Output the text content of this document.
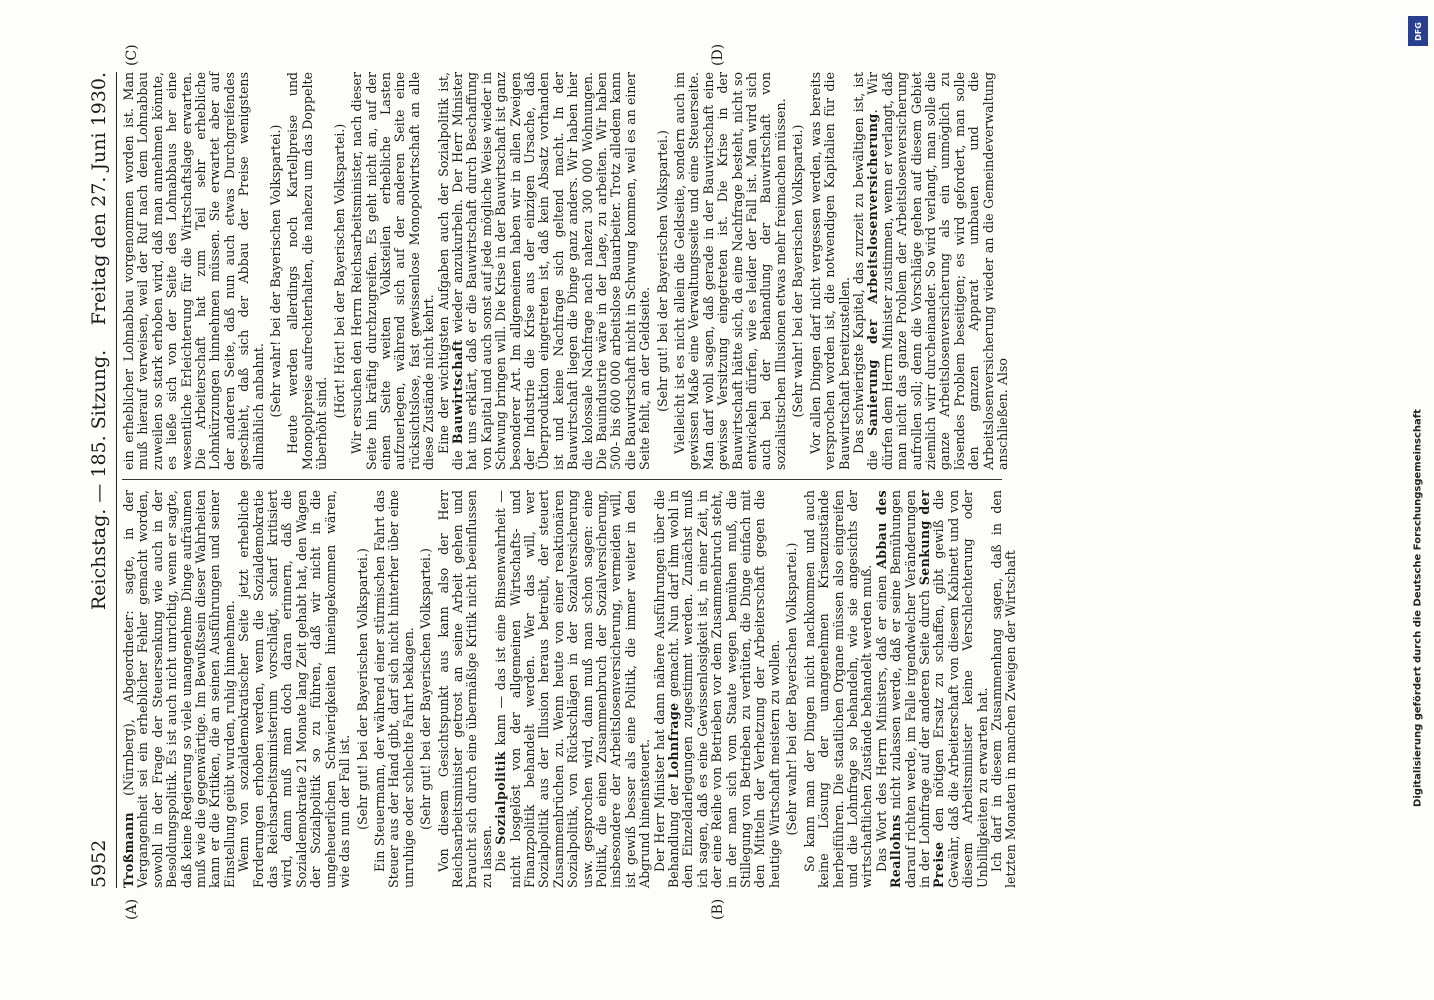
5952
Reichstag. — 185. Sitzung.
Freitag den 27. Juni 1930.
(A)	(B)
(C)	(D)

Troßmann (Nürnberg), Abgeordneter: sagte, in der Vergangenheit sei ein erheblicher Fehler gemacht worden, sowohl in der Frage der Steuersenkung wie auch in der Besoldungspolitik. Es ist auch nicht unrichtig, wenn er sagte, daß keine Regierung so viele unangenehme Dinge aufräumen muß wie die gegenwärtige. Im Bewußtsein dieser Wahrheiten kann er die Kritiken, die an seinen Ausführungen und seiner Einstellung geübt wurden, ruhig hinnehmen. Wenn von sozialdemokratischer Seite jetzt erhebliche Forderungen erhoben werden, wenn die Sozialdemokratie das Reichsarbeitsministerium vorschlägt, scharf kritisiert wird, dann muß man doch daran erinnern, daß die Sozialdemokratie 21 Monate lang Zeit gehabt hat, den Wagen der Sozialpolitik so zu führen, daß wir nicht in die ungeheuerlichen Schwierigkeiten hineingekommen wären, wie das nun der Fall ist. (Sehr gut! bei der Bayerischen Volkspartei.) Ein Steuermann, der während einer stürmischen Fahrt das Steuer aus der Hand gibt, darf sich nicht hinterher über eine unruhige oder schlechte Fahrt beklagen. (Sehr gut! bei der Bayerischen Volkspartei.) Von diesem Gesichtspunkt aus kann also der Herr Reichsarbeitsminister getrost an seine Arbeit gehen und braucht sich durch eine übermäßige Kritik nicht beeinflussen zu lassen. Die Sozialpolitik kann — das ist eine Binsenwahrheit — nicht losgelöst von der allgemeinen Wirtschafts- und Finanzpolitik behandelt werden. Wer das will, wer Sozialpolitik aus der Illusion heraus betreibt, der steuert Zusammenbrüchen zu. Wenn heute von einer reaktionären Sozialpolitik, von Rückschlägen in der Sozialversicherung usw. gesprochen wird, dann muß man schon sagen: eine Politik, die einen Zusammenbruch der Sozialversicherung, insbesondere der Arbeitslosenversicherung, vermeiden will, ist gewiß besser als eine Politik, die immer weiter in den Abgrund hineinsteuert. Der Herr Minister hat dann nähere Ausführungen über die Behandlung der Lohnfrage gemacht. Nun darf ihm wohl in den Einzeldarlegungen zugestimmt werden. Zunächst muß ich sagen, daß es eine Gewissenlosigkeit ist, in einer Zeit, in der eine Reihe von Betrieben vor dem Zusammenbruch steht, in der man sich vom Staate wegen bemühen muß, die Stillegung von Betrieben zu verhüten, die Dinge einfach mit den Mitteln der Verhetzung der Arbeiterschaft gegen die heutige Wirtschaft meistern zu wollen. (Sehr wahr! bei der Bayerischen Volkspartei.) So kann man der Dingen nicht nachkommen und auch keine Lösung der unangenehmen Krisenzustände herbeiführen. Die staatlichen Organe müssen also eingreifen und die Lohnfrage so behandeln, wie sie angesichts der wirtschaftlichen Zustände behandelt werden muß. Das Wort des Herrn Ministers, daß er einen Abbau des Reallohns nicht zulassen werde, daß er seine Bemühungen darauf richten werde, im Falle irgendwelcher Veränderungen in der Lohnfrage auf der anderen Seite durch Senkung der Preise den nötigen Ersatz zu schaffen, gibt gewiß die Gewähr, daß die Arbeiterschaft von diesem Kabinett und von diesem Arbeitsminister keine Verschlechterung oder Unbilligkeiten zu erwarten hat. Ich darf in diesem Zusammenhang sagen, daß in den letzten Monaten in manchen Zweigen der Wirtschaft

ein erheblicher Lohnabbau vorgenommen worden ist. Man muß hierauf verweisen, weil der Ruf nach dem Lohnabbau zuweilen so stark erhoben wird, daß man annehmen könnte, es ließe sich von der Seite des Lohnabbaus her eine wesentliche Erleichterung für die Wirtschaftslage erwarten. Die Arbeiterschaft hat zum Teil sehr erhebliche Lohnkürzungen hinnehmen müssen. Sie erwartet aber auf der anderen Seite, daß nun auch etwas Durchgreifendes geschieht, daß sich der Abbau der Preise wenigstens allmählich anbahnt. (Sehr wahr! bei der Bayerischen Volkspartei.) Heute werden allerdings noch Kartellpreise und Monopolpreise aufrechterhalten, die nahezu um das Doppelte überhöht sind.

(Hört! Hört! bei der Bayerischen Volkspartei.) Wir ersuchen den Herrn Reichsarbeitsminister, nach dieser Seite hin kräftig durchzugreifen. Es geht nicht an, auf der einen Seite weiten Volksteilen erhebliche Lasten aufzuerlegen, während sich auf der anderen Seite eine rücksichtslose, fast gewissenlose Monopolwirtschaft an alle diese Zustände nicht kehrt. Eine der wichtigsten Aufgaben auch der Sozialpolitik ist, die Bauwirtschaft wieder anzukurbeln. Der Herr Minister hat uns erklärt, daß er die Bauwirtschaft durch Beschaffung von Kapital und auch sonst auf jede mögliche Weise wieder in Schwung bringen will. Die Krise in der Bauwirtschaft ist ganz besonderer Art. Im allgemeinen haben wir in allen Zweigen der Industrie die Krise aus der einzigen Ursache, daß Überproduktion eingetreten ist, daß kein Absatz vorhanden ist und keine Nachfrage sich geltend macht. In der Bauwirtschaft liegen die Dinge ganz anders. Wir haben hier die kolossale Nachfrage nach nahezu 300 000 Wohnungen. Die Bauindustrie wäre in der Lage, zu arbeiten. Wir haben 500- bis 600 000 arbeitslose Bauarbeiter. Trotz alledem kann die Bauwirtschaft nicht in Schwung kommen, weil es an einer Seite fehlt, an der Geldseite. (Sehr gut! bei der Bayerischen Volkspartei.) Vielleicht ist es nicht allein die Geldseite, sondern auch im gewissen Maße eine Verwaltungsseite und eine Steuerseite. Man darf wohl sagen, daß gerade in der Bauwirtschaft eine gewisse Versitzung eingetreten ist. Die Krise in der Bauwirtschaft hätte sich, da eine Nachfrage besteht, nicht so entwickeln dürfen, wie es leider der Fall ist. Man wird sich auch bei der Behandlung der Bauwirtschaft von sozialistischen Illusionen etwas mehr freimachen müssen. (Sehr wahr! bei der Bayerischen Volkspartei.) Vor allen Dingen darf nicht vergessen werden, was bereits versprochen worden ist, die notwendigen Kapitalien für die Bauwirtschaft bereitzustellen. Das schwierigste Kapitel, das zurzeit zu bewältigen ist, ist die Sanierung der Arbeitslosenversicherung. Wir dürfen dem Herrn Minister zustimmen, wenn er verlangt, daß man nicht das ganze Problem der Arbeitslosenversicherung aufrollen soll; denn die Vorschläge gehen auf diesem Gebiet ziemlich wirr durcheinander. So wird verlangt, man solle die ganze Arbeitslosenversicherung als ein unmöglich zu lösendes Problem beseitigen; es wird gefordert, man solle den ganzen Apparat umbauen und die Arbeitslosenversicherung wieder an die Gemeindeverwaltung anschließen. Also

DFG
Digitalisierung gefördert durch die Deutsche Forschungsgemeinschaft
